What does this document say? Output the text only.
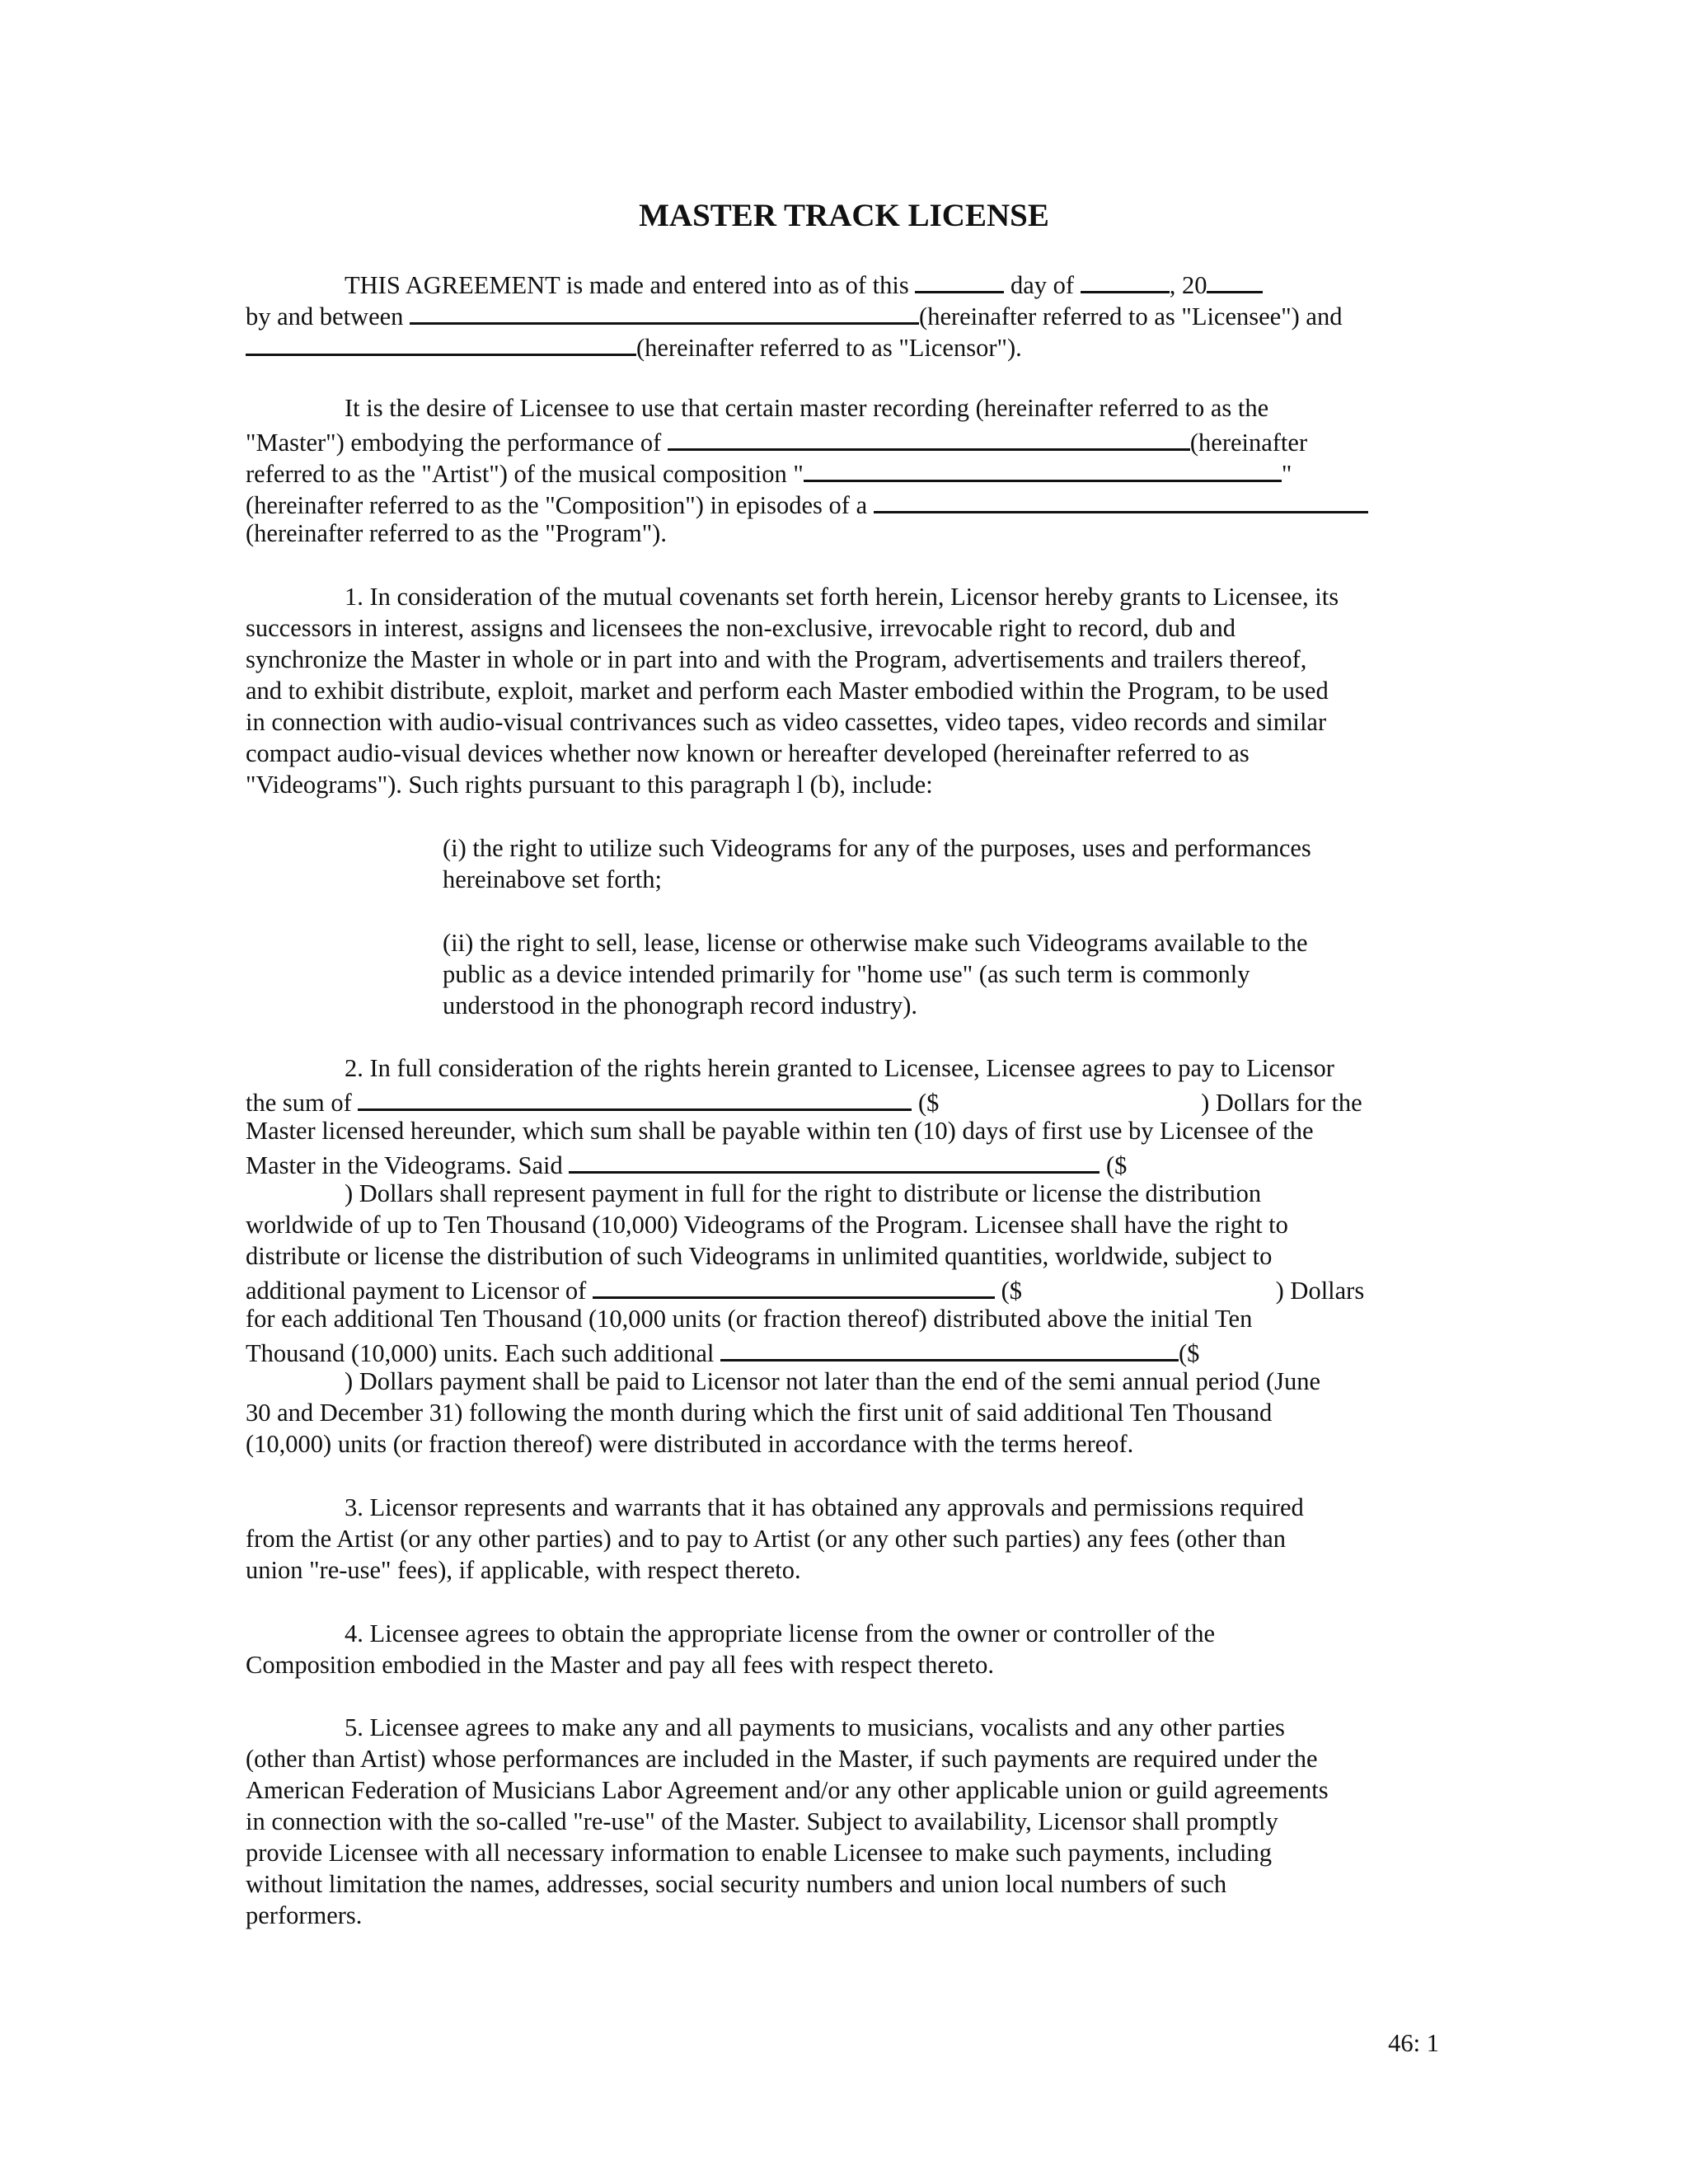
MASTER TRACK LICENSE
THIS AGREEMENT is made and entered into as of this	day of	, 20
by and between	(hereinafter referred to as "Licensee") and
(hereinafter referred to as "Licensor").
It is the desire of Licensee to use that certain master recording (hereinafter referred to as the
"Master") embodying the performance of	(hereinafter
referred to as the "Artist") of the musical composition "	"
(hereinafter referred to as the "Composition") in episodes of a
(hereinafter referred to as the "Program").
1. In consideration of the mutual covenants set forth herein, Licensor hereby grants to Licensee, its
successors in interest, assigns and licensees the non-exclusive, irrevocable right to record, dub and
synchronize the Master in whole or in part into and with the Program, advertisements and trailers thereof,
and to exhibit distribute, exploit, market and perform each Master embodied within the Program, to be used
in connection with audio-visual contrivances such as video cassettes, video tapes, video records and similar
compact audio-visual devices whether now known or hereafter developed (hereinafter referred to as
"Videograms"). Such rights pursuant to this paragraph l (b), include:
(i) the right to utilize such Videograms for any of the purposes, uses and performances
hereinabove set forth;
(ii) the right to sell, lease, license or otherwise make such Videograms available to the
public as a device intended primarily for "home use" (as such term is commonly
understood in the phonograph record industry).
2. In full consideration of the rights herein granted to Licensee, Licensee agrees to pay to Licensor
the sum of	($	) Dollars for the
Master licensed hereunder, which sum shall be payable within ten (10) days of first use by Licensee of the
Master in the Videograms. Said	($
) Dollars shall represent payment in full for the right to distribute or license the distribution
worldwide of up to Ten Thousand (10,000) Videograms of the Program. Licensee shall have the right to
distribute or license the distribution of such Videograms in unlimited quantities, worldwide, subject to
additional payment to Licensor of	($	) Dollars
for each additional Ten Thousand (10,000 units (or fraction thereof) distributed above the initial Ten
Thousand (10,000) units. Each such additional	($
) Dollars payment shall be paid to Licensor not later than the end of the semi annual period (June
30 and December 31) following the month during which the first unit of said additional Ten Thousand
(10,000) units (or fraction thereof) were distributed in accordance with the terms hereof.
3. Licensor represents and warrants that it has obtained any approvals and permissions required
from the Artist (or any other parties) and to pay to Artist (or any other such parties) any fees (other than
union "re-use" fees), if applicable, with respect thereto.
4. Licensee agrees to obtain the appropriate license from the owner or controller of the
Composition embodied in the Master and pay all fees with respect thereto.
5. Licensee agrees to make any and all payments to musicians, vocalists and any other parties
(other than Artist) whose performances are included in the Master, if such payments are required under the
American Federation of Musicians Labor Agreement and/or any other applicable union or guild agreements
in connection with the so-called "re-use" of the Master. Subject to availability, Licensor shall promptly
provide Licensee with all necessary information to enable Licensee to make such payments, including
without limitation the names, addresses, social security numbers and union local numbers of such
performers.
46: 1
